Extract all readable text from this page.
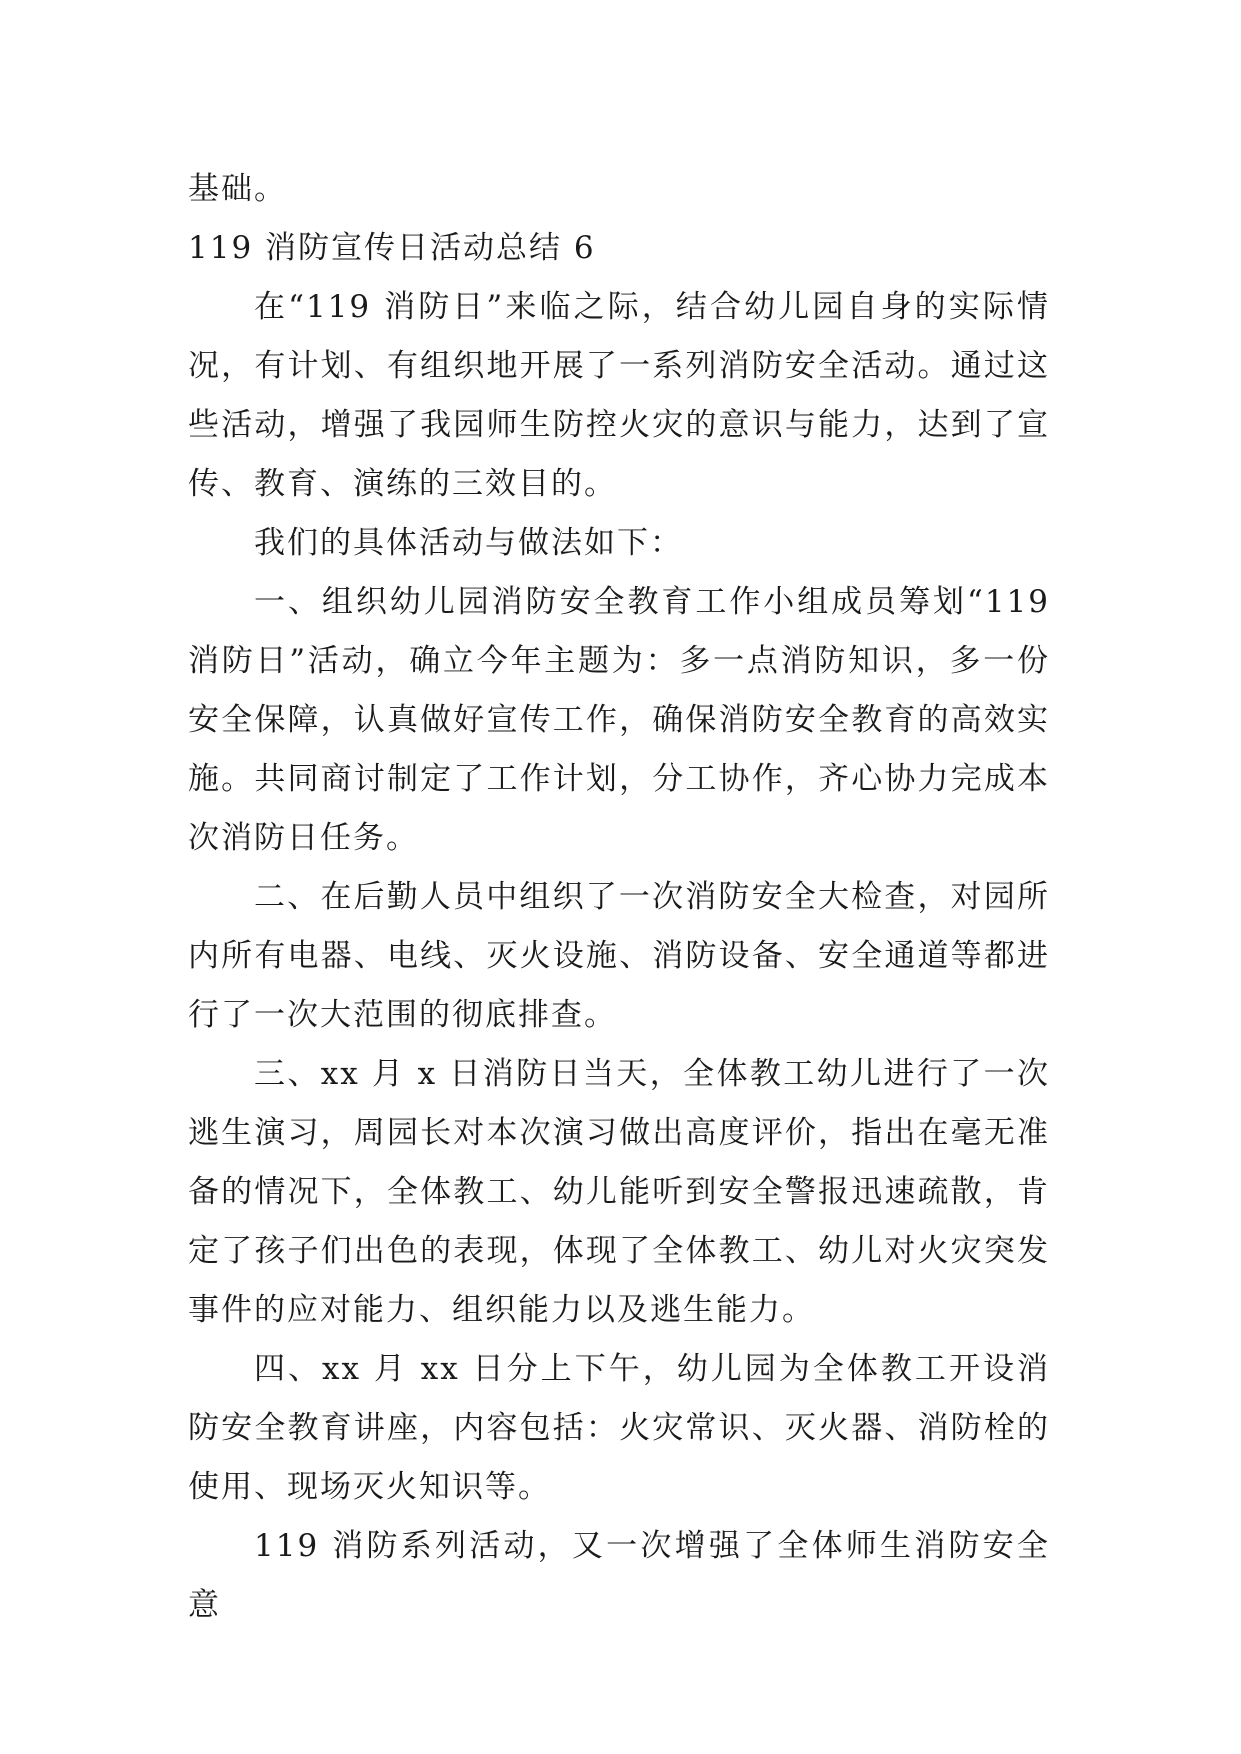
基础。

119 消防宣传日活动总结 6

在“119 消防日”来临之际，结合幼儿园自身的实际情况，有计划、有组织地开展了一系列消防安全活动。通过这些活动，增强了我园师生防控火灾的意识与能力，达到了宣传、教育、演练的三效目的。

我们的具体活动与做法如下：

一、组织幼儿园消防安全教育工作小组成员筹划“119 消防日”活动，确立今年主题为：多一点消防知识，多一份安全保障，认真做好宣传工作，确保消防安全教育的高效实施。共同商讨制定了工作计划，分工协作，齐心协力完成本次消防日任务。

二、在后勤人员中组织了一次消防安全大检查，对园所内所有电器、电线、灭火设施、消防设备、安全通道等都进行了一次大范围的彻底排查。

三、xx 月 x 日消防日当天，全体教工幼儿进行了一次逃生演习，周园长对本次演习做出高度评价，指出在毫无准备的情况下，全体教工、幼儿能听到安全警报迅速疏散，肯定了孩子们出色的表现，体现了全体教工、幼儿对火灾突发事件的应对能力、组织能力以及逃生能力。

四、xx 月 xx 日分上下午，幼儿园为全体教工开设消防安全教育讲座，内容包括：火灾常识、灭火器、消防栓的使用、现场灭火知识等。

119 消防系列活动，又一次增强了全体师生消防安全意
